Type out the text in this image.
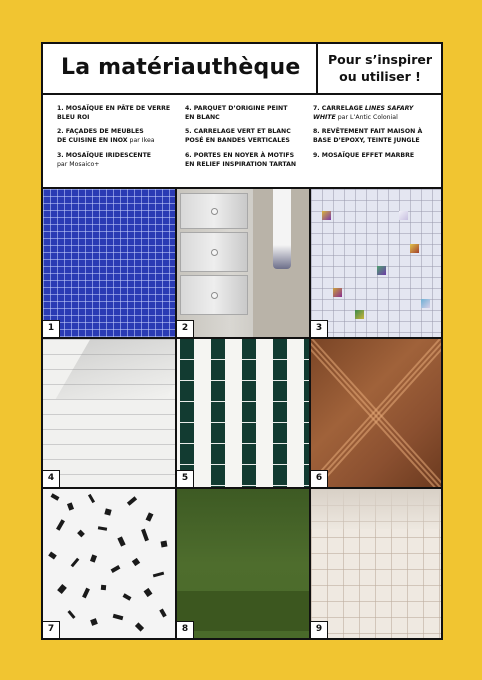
La matériauthèque Pour s’inspirer
ou utiliser !
1. MOSAÏQUE EN PÂTE DE VERRE
BLEU ROI
2. FAÇADES DE MEUBLES
DE CUISINE EN INOX par Ikea
3. MOSAÏQUE IRIDESCENTE
par Mosaico+
4. PARQUET D’ORIGINE PEINT
EN BLANC
5. CARRELAGE VERT ET BLANC
POSÉ EN BANDES VERTICALES
6. PORTES EN NOYER À MOTIFS
EN RELIEF INSPIRATION TARTAN
7. CARRELAGE LINES SAFARY WHITE par L’Antic Colonial
8. REVÊTEMENT FAIT MAISON À
BASE D’EPOXY, TEINTE JUNGLE
9. MOSAÏQUE EFFET MARBRE
1	2	3
4	5	6
7	8	9
